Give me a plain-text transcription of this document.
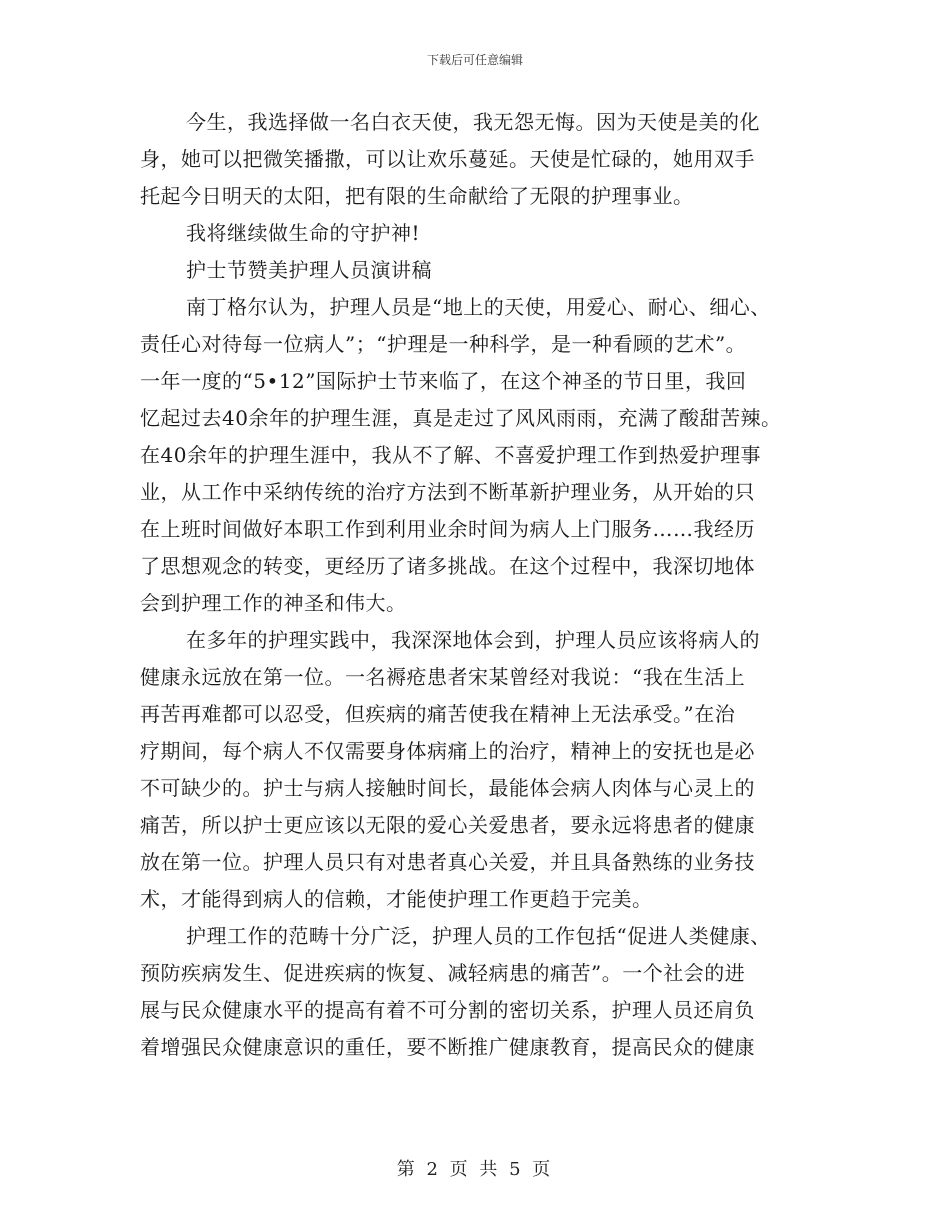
下载后可任意编辑
今生，我选择做一名白衣天使，我无怨无悔。因为天使是美的化
身，她可以把微笑播撒，可以让欢乐蔓延。天使是忙碌的，她用双手
托起今日明天的太阳，把有限的生命献给了无限的护理事业。
我将继续做生命的守护神!
护士节赞美护理人员演讲稿
南丁格尔认为，护理人员是“地上的天使，用爱心、耐心、细心、
责任心对待每一位病人”；“护理是一种科学，是一种看顾的艺术”。
一年一度的“5•12”国际护士节来临了，在这个神圣的节日里，我回
忆起过去40余年的护理生涯，真是走过了风风雨雨，充满了酸甜苦辣。
在40余年的护理生涯中，我从不了解、不喜爱护理工作到热爱护理事
业，从工作中采纳传统的治疗方法到不断革新护理业务，从开始的只
在上班时间做好本职工作到利用业余时间为病人上门服务……我经历
了思想观念的转变，更经历了诸多挑战。在这个过程中，我深切地体
会到护理工作的神圣和伟大。
在多年的护理实践中，我深深地体会到，护理人员应该将病人的
健康永远放在第一位。一名褥疮患者宋某曾经对我说：“我在生活上
再苦再难都可以忍受，但疾病的痛苦使我在精神上无法承受。”在治
疗期间，每个病人不仅需要身体病痛上的治疗，精神上的安抚也是必
不可缺少的。护士与病人接触时间长，最能体会病人肉体与心灵上的
痛苦，所以护士更应该以无限的爱心关爱患者，要永远将患者的健康
放在第一位。护理人员只有对患者真心关爱，并且具备熟练的业务技
术，才能得到病人的信赖，才能使护理工作更趋于完美。
护理工作的范畴十分广泛，护理人员的工作包括“促进人类健康、
预防疾病发生、促进疾病的恢复、减轻病患的痛苦”。一个社会的进
展与民众健康水平的提高有着不可分割的密切关系，护理人员还肩负
着增强民众健康意识的重任，要不断推广健康教育，提高民众的健康
第 2 页 共 5 页
